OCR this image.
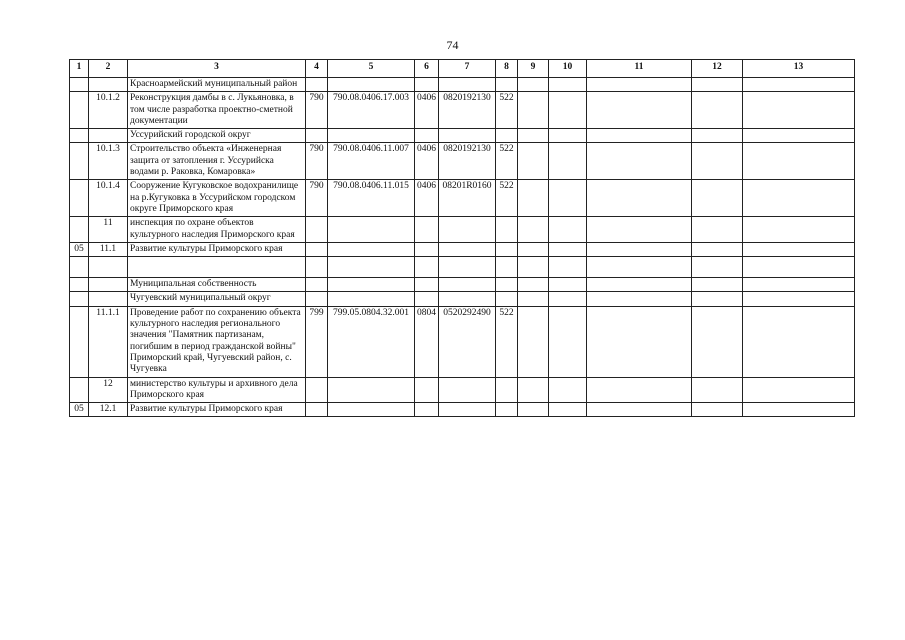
74
1	2	3	4	5	6	7	8	9	10	11	12	13
		Красноармейский муниципальный район										
	10.1.2	Реконструкция дамбы в с. Лукьяновка, в том числе разработка проектно-сметной документации	790	790.08.0406.17.003	0406	0820192130	522					
		Уссурийский городской округ										
	10.1.3	Строительство объекта «Инженерная защита от затопления г. Уссурийска водами р. Раковка, Комаровка»	790	790.08.0406.11.007	0406	0820192130	522					
	10.1.4	Сооружение Кугуковское водохранилище на р.Кугуковка в Уссурийском городском округе Приморского края	790	790.08.0406.11.015	0406	08201R0160	522					
	11	инспекция по охране объектов культурного наследия Приморского края										
05	11.1	Развитие культуры Приморского края										

		Муниципальная собственность										
		Чугуевский муниципальный округ										
	11.1.1	Проведение работ по сохранению объекта культурного наследия регионального значения "Памятник партизанам, погибшим в период гражданской войны" Приморский край, Чугуевский район, с. Чугуевка	799	799.05.0804.32.001	0804	0520292490	522					
	12	министерство культуры и архивного дела Приморского края										
05	12.1	Развитие культуры Приморского края										
